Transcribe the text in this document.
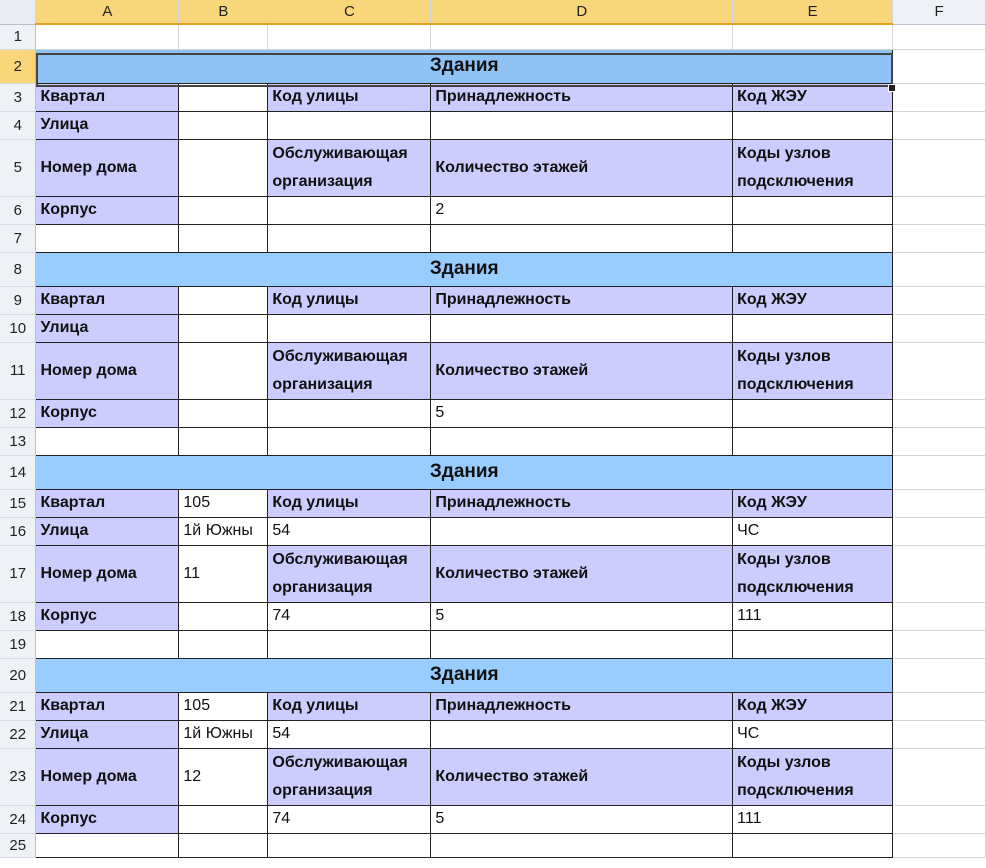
	A	B	C	D	E	F
1						
2	Здания					
3	Квартал		Код улицы	Принадлежность	Код ЖЭУ	
4	Улица					
5	Номер дома		Обслуживающая организация	Количество этажей	Коды узлов подсключения	
6	Корпус			2		
7						
8	Здания					
9	Квартал		Код улицы	Принадлежность	Код ЖЭУ	
10	Улица					
11	Номер дома		Обслуживающая организация	Количество этажей	Коды узлов подсключения	
12	Корпус			5		
13						
14	Здания					
15	Квартал	105	Код улицы	Принадлежность	Код ЖЭУ	
16	Улица	1й Южны	54		ЧС	
17	Номер дома	11	Обслуживающая организация	Количество этажей	Коды узлов подсключения	
18	Корпус		74	5	111	
19						
20	Здания					
21	Квартал	105	Код улицы	Принадлежность	Код ЖЭУ	
22	Улица	1й Южны	54		ЧС	
23	Номер дома	12	Обслуживающая организация	Количество этажей	Коды узлов подсключения	
24	Корпус		74	5	111	
25						
